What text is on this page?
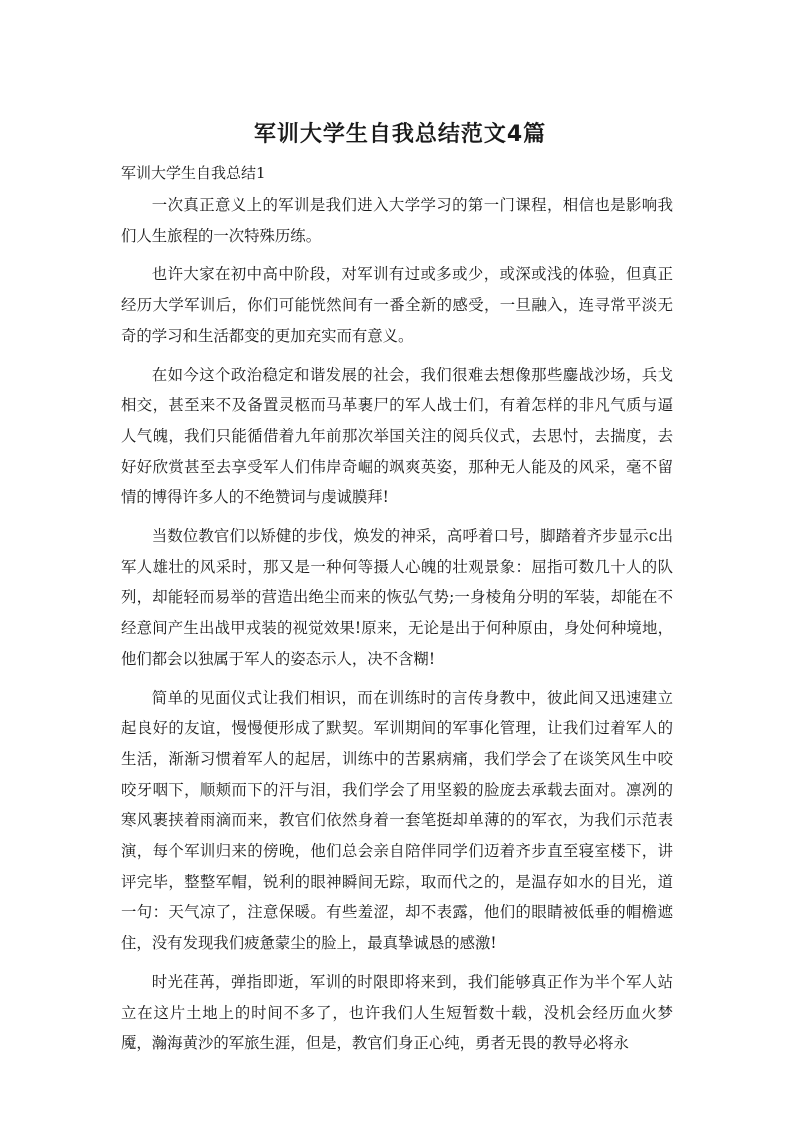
军训大学生自我总结范文4篇
军训大学生自我总结1

一次真正意义上的军训是我们进入大学学习的第一门课程，相信也是影响我们人生旅程的一次特殊历练。

也许大家在初中高中阶段，对军训有过或多或少，或深或浅的体验，但真正经历大学军训后，你们可能恍然间有一番全新的感受，一旦融入，连寻常平淡无奇的学习和生活都变的更加充实而有意义。

在如今这个政治稳定和谐发展的社会，我们很难去想像那些鏖战沙场，兵戈相交，甚至来不及备置灵柩而马革裹尸的军人战士们，有着怎样的非凡气质与逼人气魄，我们只能循借着九年前那次举国关注的阅兵仪式，去思忖，去揣度，去好好欣赏甚至去享受军人们伟岸奇崛的飒爽英姿，那种无人能及的风采，毫不留情的博得许多人的不绝赞词与虔诚膜拜!

当数位教官们以矫健的步伐，焕发的神采，高呼着口号，脚踏着齐步显示c出军人雄壮的风采时，那又是一种何等摄人心魄的壮观景象：屈指可数几十人的队列，却能轻而易举的营造出绝尘而来的恢弘气势;一身棱角分明的军装，却能在不经意间产生出战甲戎装的视觉效果!原来，无论是出于何种原由，身处何种境地，他们都会以独属于军人的姿态示人，决不含糊!

简单的见面仪式让我们相识，而在训练时的言传身教中，彼此间又迅速建立起良好的友谊，慢慢便形成了默契。军训期间的军事化管理，让我们过着军人的生活，渐渐习惯着军人的起居，训练中的苦累病痛，我们学会了在谈笑风生中咬咬牙咽下，顺颊而下的汗与泪，我们学会了用坚毅的脸庞去承载去面对。凛冽的寒风裹挟着雨滴而来，教官们依然身着一套笔挺却单薄的的军衣，为我们示范表演，每个军训归来的傍晚，他们总会亲自陪伴同学们迈着齐步直至寝室楼下，讲评完毕，整整军帽，锐利的眼神瞬间无踪，取而代之的，是温存如水的目光，道一句：天气凉了，注意保暖。有些羞涩，却不表露，他们的眼睛被低垂的帽檐遮住，没有发现我们疲惫蒙尘的脸上，最真挚诚恳的感激!

时光荏苒，弹指即逝，军训的时限即将来到，我们能够真正作为半个军人站立在这片土地上的时间不多了，也许我们人生短暂数十载，没机会经历血火梦魇，瀚海黄沙的军旅生涯，但是，教官们身正心纯，勇者无畏的教导必将永
